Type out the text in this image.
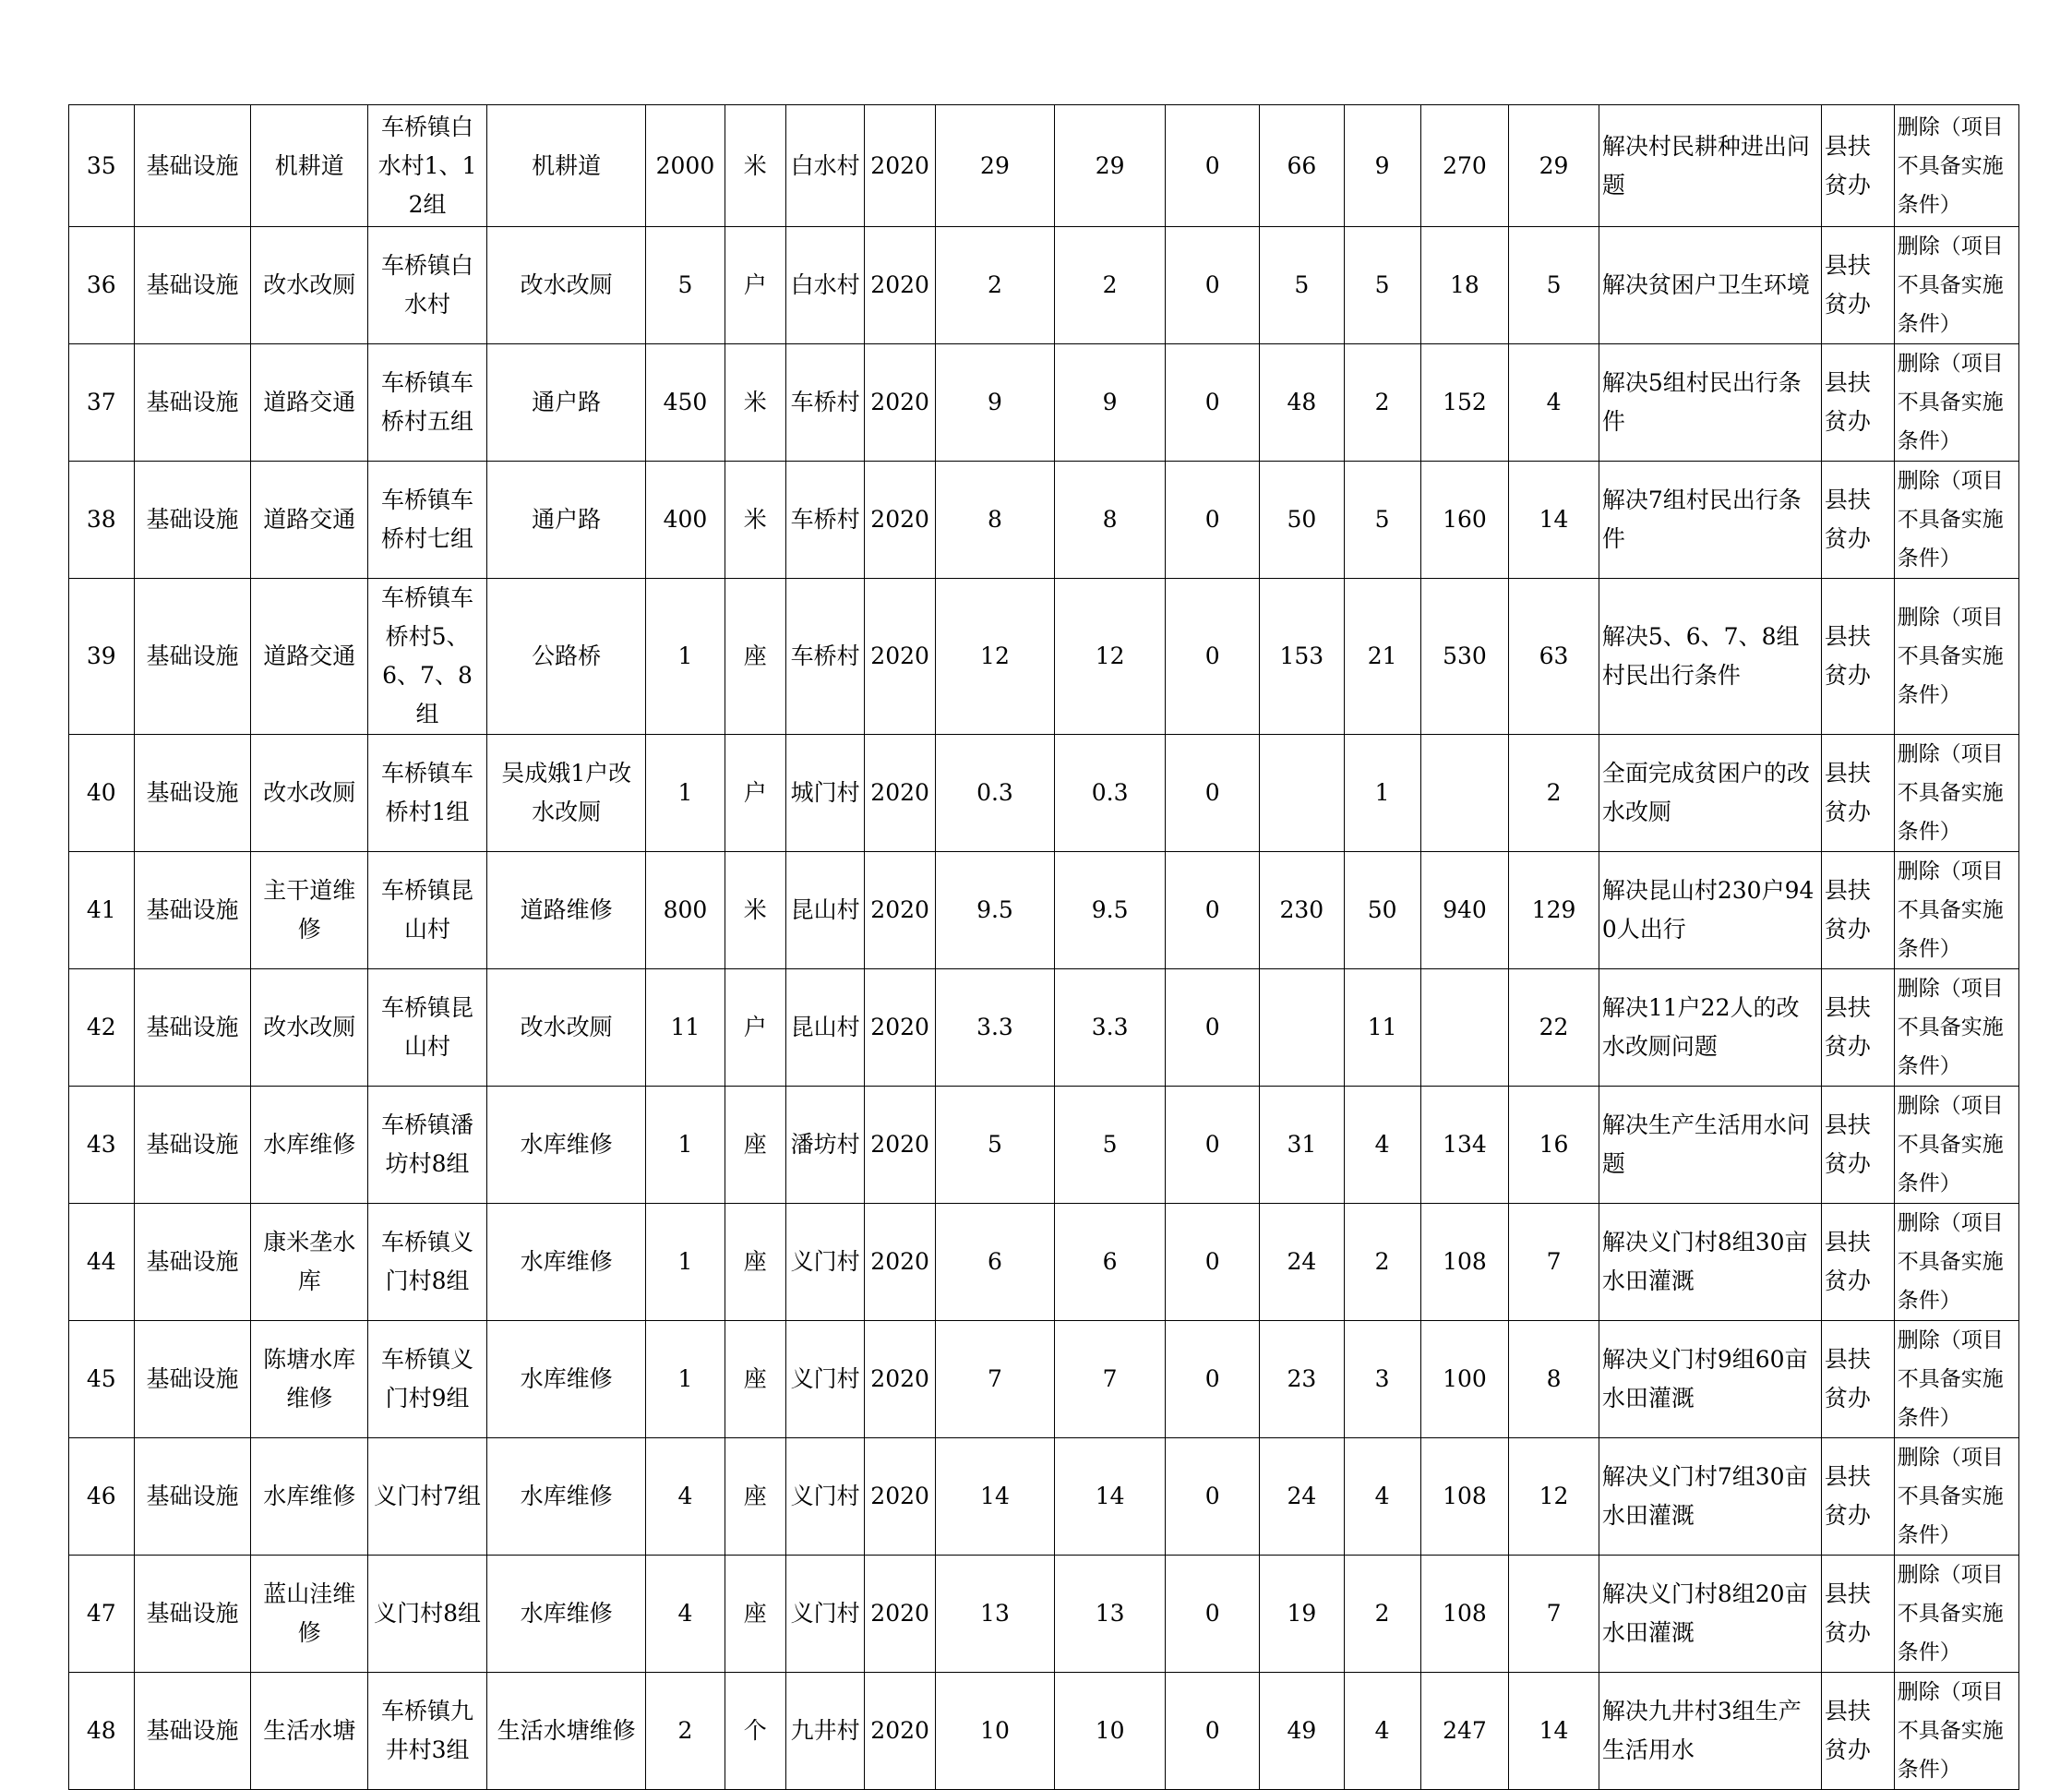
35	基础设施	机耕道	车桥镇白水村1、12组	机耕道	2000	米	白水村	2020	29	29	0	66	9	270	29	解决村民耕种进出问题	县扶贫办	删除（项目不具备实施条件）
36	基础设施	改水改厕	车桥镇白水村	改水改厕	5	户	白水村	2020	2	2	0	5	5	18	5	解决贫困户卫生环境	县扶贫办	删除（项目不具备实施条件）
37	基础设施	道路交通	车桥镇车桥村五组	通户路	450	米	车桥村	2020	9	9	0	48	2	152	4	解决5组村民出行条件	县扶贫办	删除（项目不具备实施条件）
38	基础设施	道路交通	车桥镇车桥村七组	通户路	400	米	车桥村	2020	8	8	0	50	5	160	14	解决7组村民出行条件	县扶贫办	删除（项目不具备实施条件）
39	基础设施	道路交通	车桥镇车桥村5、6、7、8组	公路桥	1	座	车桥村	2020	12	12	0	153	21	530	63	解决5、6、7、8组村民出行条件	县扶贫办	删除（项目不具备实施条件）
40	基础设施	改水改厕	车桥镇车桥村1组	吴成娥1户改水改厕	1	户	城门村	2020	0.3	0.3	0		1		2	全面完成贫困户的改水改厕	县扶贫办	删除（项目不具备实施条件）
41	基础设施	主干道维修	车桥镇昆山村	道路维修	800	米	昆山村	2020	9.5	9.5	0	230	50	940	129	解决昆山村230户940人出行	县扶贫办	删除（项目不具备实施条件）
42	基础设施	改水改厕	车桥镇昆山村	改水改厕	11	户	昆山村	2020	3.3	3.3	0		11		22	解决11户22人的改水改厕问题	县扶贫办	删除（项目不具备实施条件）
43	基础设施	水库维修	车桥镇潘坊村8组	水库维修	1	座	潘坊村	2020	5	5	0	31	4	134	16	解决生产生活用水问题	县扶贫办	删除（项目不具备实施条件）
44	基础设施	康米垄水库	车桥镇义门村8组	水库维修	1	座	义门村	2020	6	6	0	24	2	108	7	解决义门村8组30亩水田灌溉	县扶贫办	删除（项目不具备实施条件）
45	基础设施	陈塘水库维修	车桥镇义门村9组	水库维修	1	座	义门村	2020	7	7	0	23	3	100	8	解决义门村9组60亩水田灌溉	县扶贫办	删除（项目不具备实施条件）
46	基础设施	水库维修	义门村7组	水库维修	4	座	义门村	2020	14	14	0	24	4	108	12	解决义门村7组30亩水田灌溉	县扶贫办	删除（项目不具备实施条件）
47	基础设施	蓝山洼维修	义门村8组	水库维修	4	座	义门村	2020	13	13	0	19	2	108	7	解决义门村8组20亩水田灌溉	县扶贫办	删除（项目不具备实施条件）
48	基础设施	生活水塘	车桥镇九井村3组	生活水塘维修	2	个	九井村	2020	10	10	0	49	4	247	14	解决九井村3组生产生活用水	县扶贫办	删除（项目不具备实施条件）
